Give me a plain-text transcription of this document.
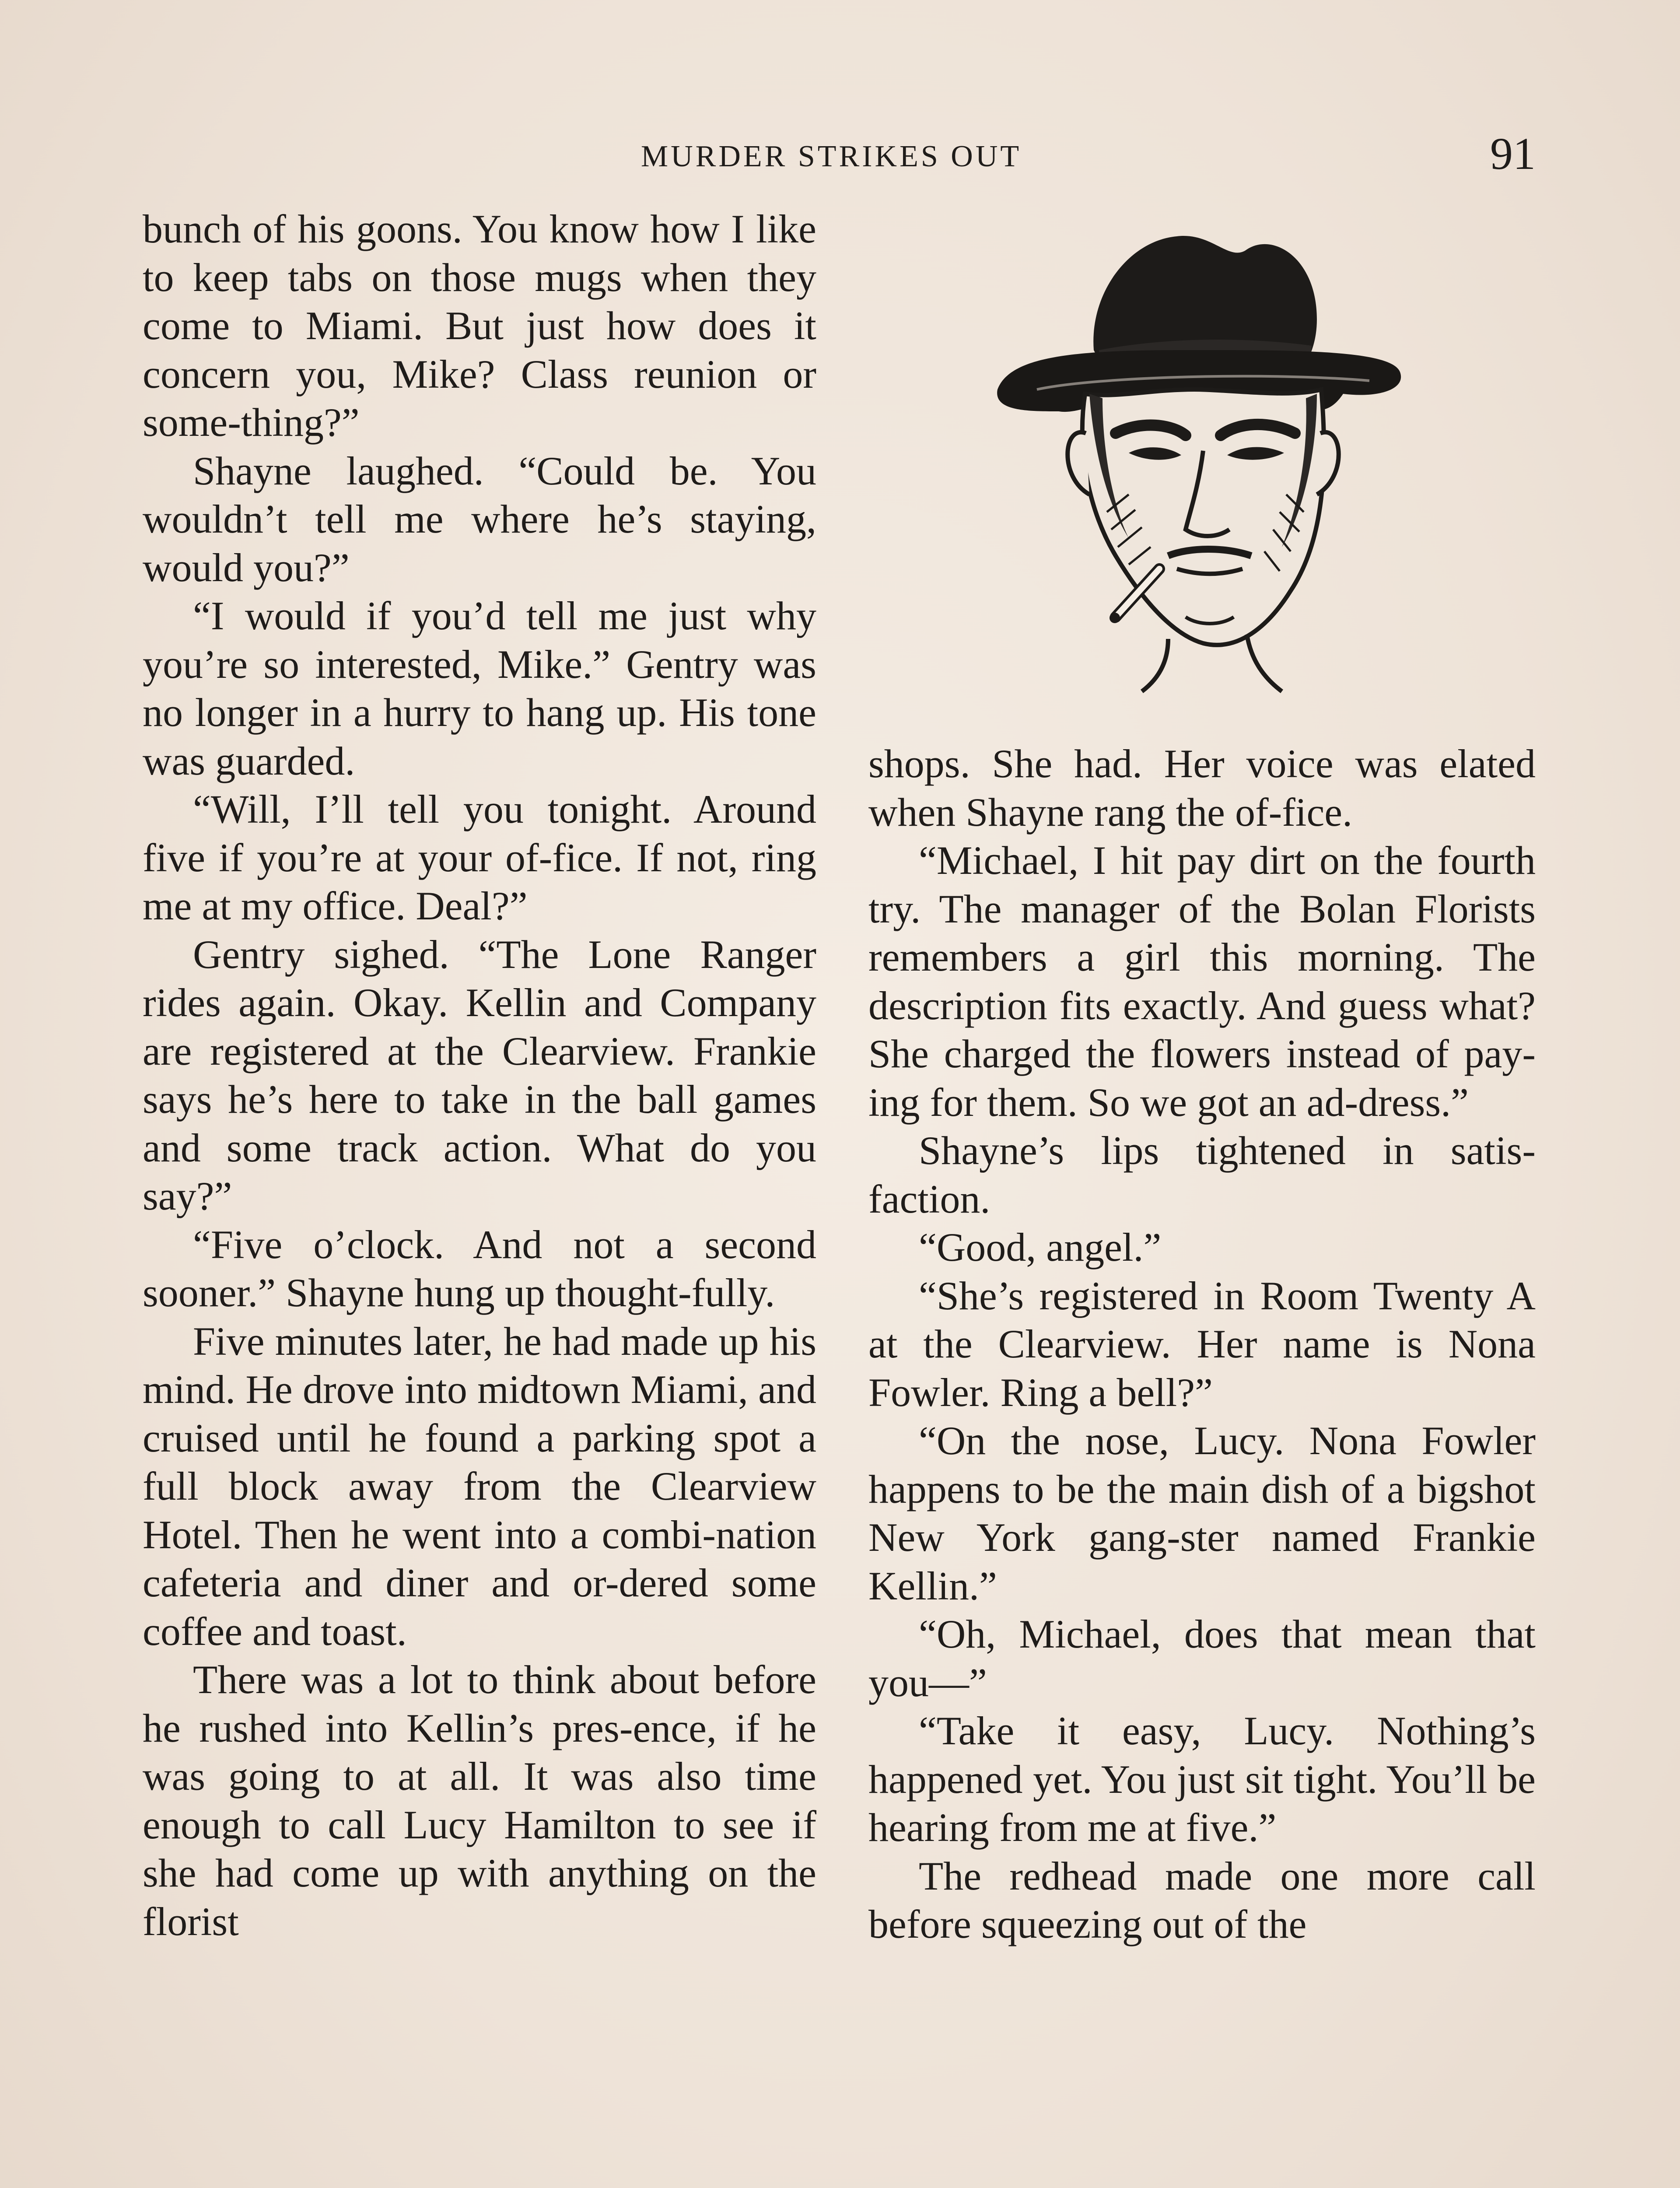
MURDER STRIKES OUT	91

bunch of his goons. You know how I like to keep tabs on those mugs when they come to Miami. But just how does it concern you, Mike? Class reunion or some-thing?”

Shayne laughed. “Could be. You wouldn’t tell me where he’s staying, would you?”

“I would if you’d tell me just why you’re so interested, Mike.” Gentry was no longer in a hurry to hang up. His tone was guarded.

“Will, I’ll tell you tonight. Around five if you’re at your of-fice. If not, ring me at my office. Deal?”

Gentry sighed. “The Lone Ranger rides again. Okay. Kellin and Company are registered at the Clearview. Frankie says he’s here to take in the ball games and some track action. What do you say?”

“Five o’clock. And not a second sooner.” Shayne hung up thought-fully.

Five minutes later, he had made up his mind. He drove into midtown Miami, and cruised until he found a parking spot a full block away from the Clearview Hotel. Then he went into a combi-nation cafeteria and diner and or-dered some coffee and toast.

There was a lot to think about before he rushed into Kellin’s pres-ence, if he was going to at all. It was also time enough to call Lucy Hamilton to see if she had come up with anything on the florist

shops. She had. Her voice was elated when Shayne rang the of-fice.

“Michael, I hit pay dirt on the fourth try. The manager of the Bolan Florists remembers a girl this morning. The description fits exactly. And guess what? She charged the flowers instead of pay-ing for them. So we got an ad-dress.”

Shayne’s lips tightened in satis-faction.

“Good, angel.”

“She’s registered in Room Twenty A at the Clearview. Her name is Nona Fowler. Ring a bell?”

“On the nose, Lucy. Nona Fowler happens to be the main dish of a bigshot New York gang-ster named Frankie Kellin.”

“Oh, Michael, does that mean that you—”

“Take it easy, Lucy. Nothing’s happened yet. You just sit tight. You’ll be hearing from me at five.”

The redhead made one more call before squeezing out of the
